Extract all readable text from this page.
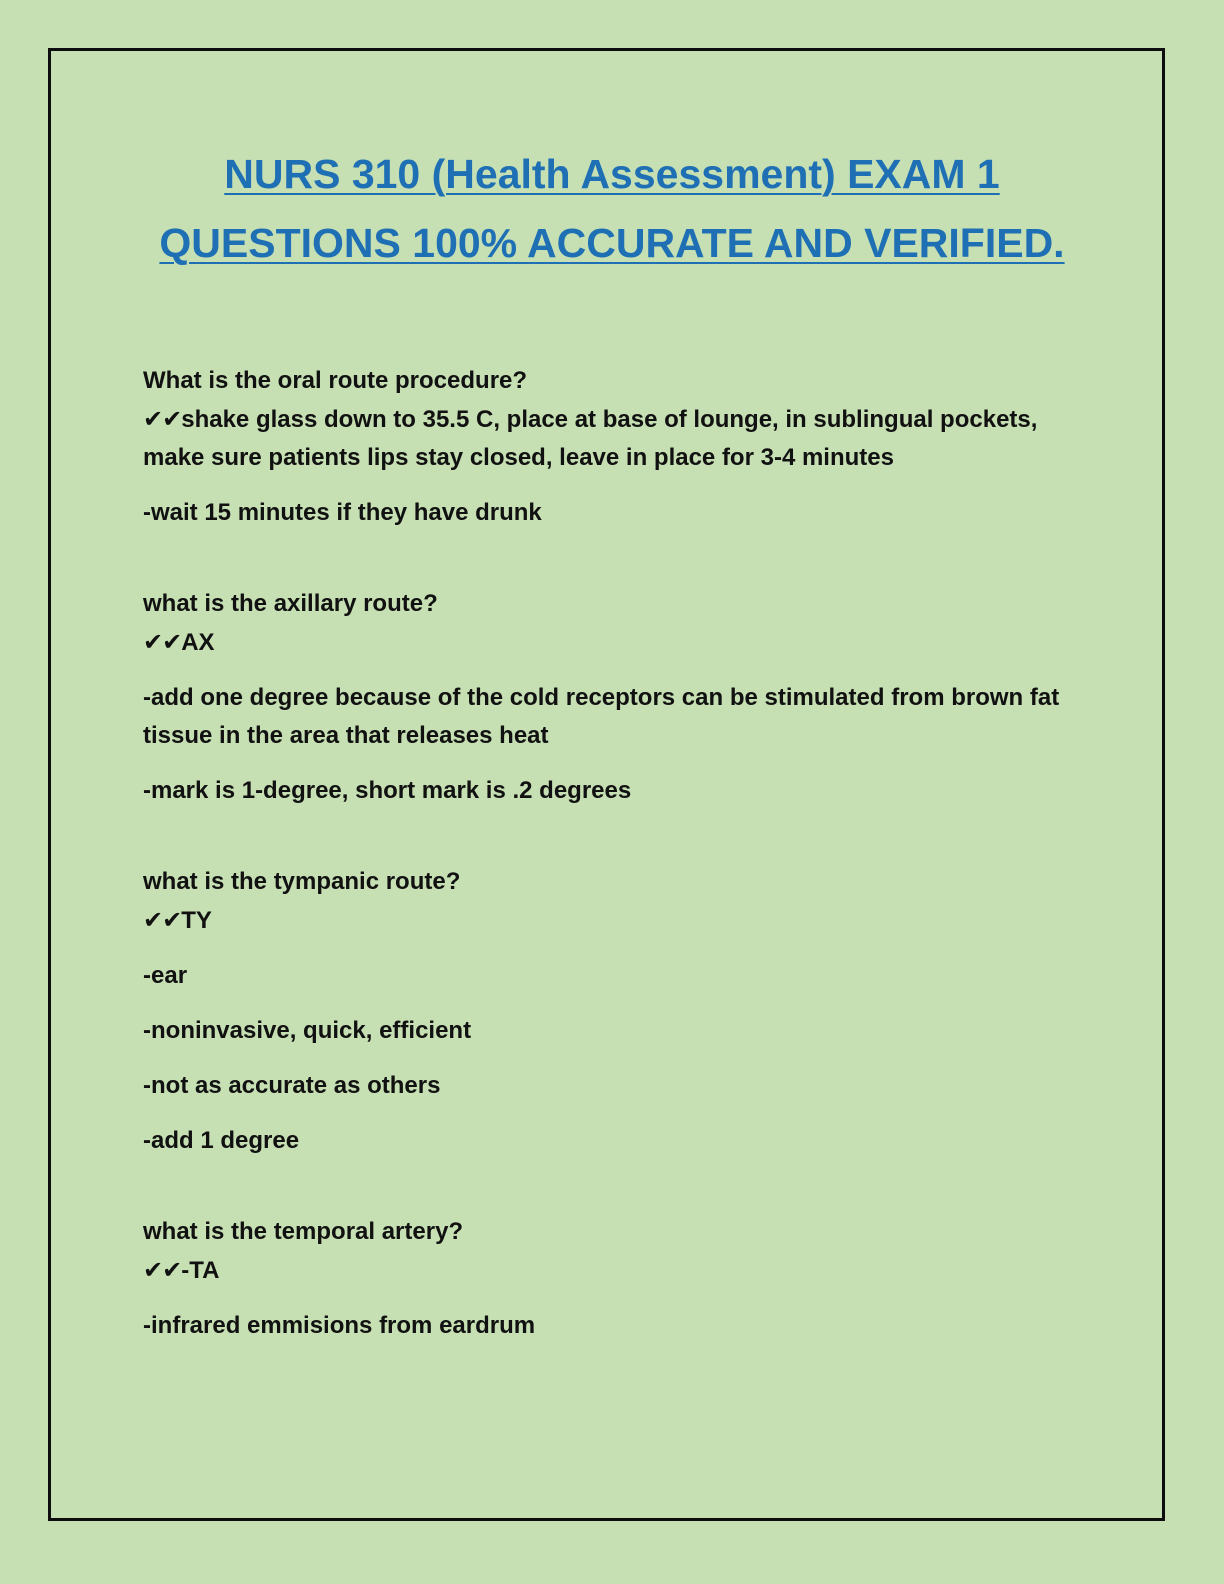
NURS 310 (Health Assessment) EXAM 1 QUESTIONS 100% ACCURATE AND VERIFIED.

What is the oral route procedure?

✔✔shake glass down to 35.5 C, place at base of lounge, in sublingual pockets, make sure patients lips stay closed, leave in place for 3-4 minutes

-wait 15 minutes if they have drunk

what is the axillary route?

✔✔AX

-add one degree because of the cold receptors can be stimulated from brown fat tissue in the area that releases heat

-mark is 1-degree, short mark is .2 degrees

what is the tympanic route?

✔✔TY

-ear

-noninvasive, quick, efficient

-not as accurate as others

-add 1 degree

what is the temporal artery?

✔✔-TA

-infrared emmisions from eardrum
